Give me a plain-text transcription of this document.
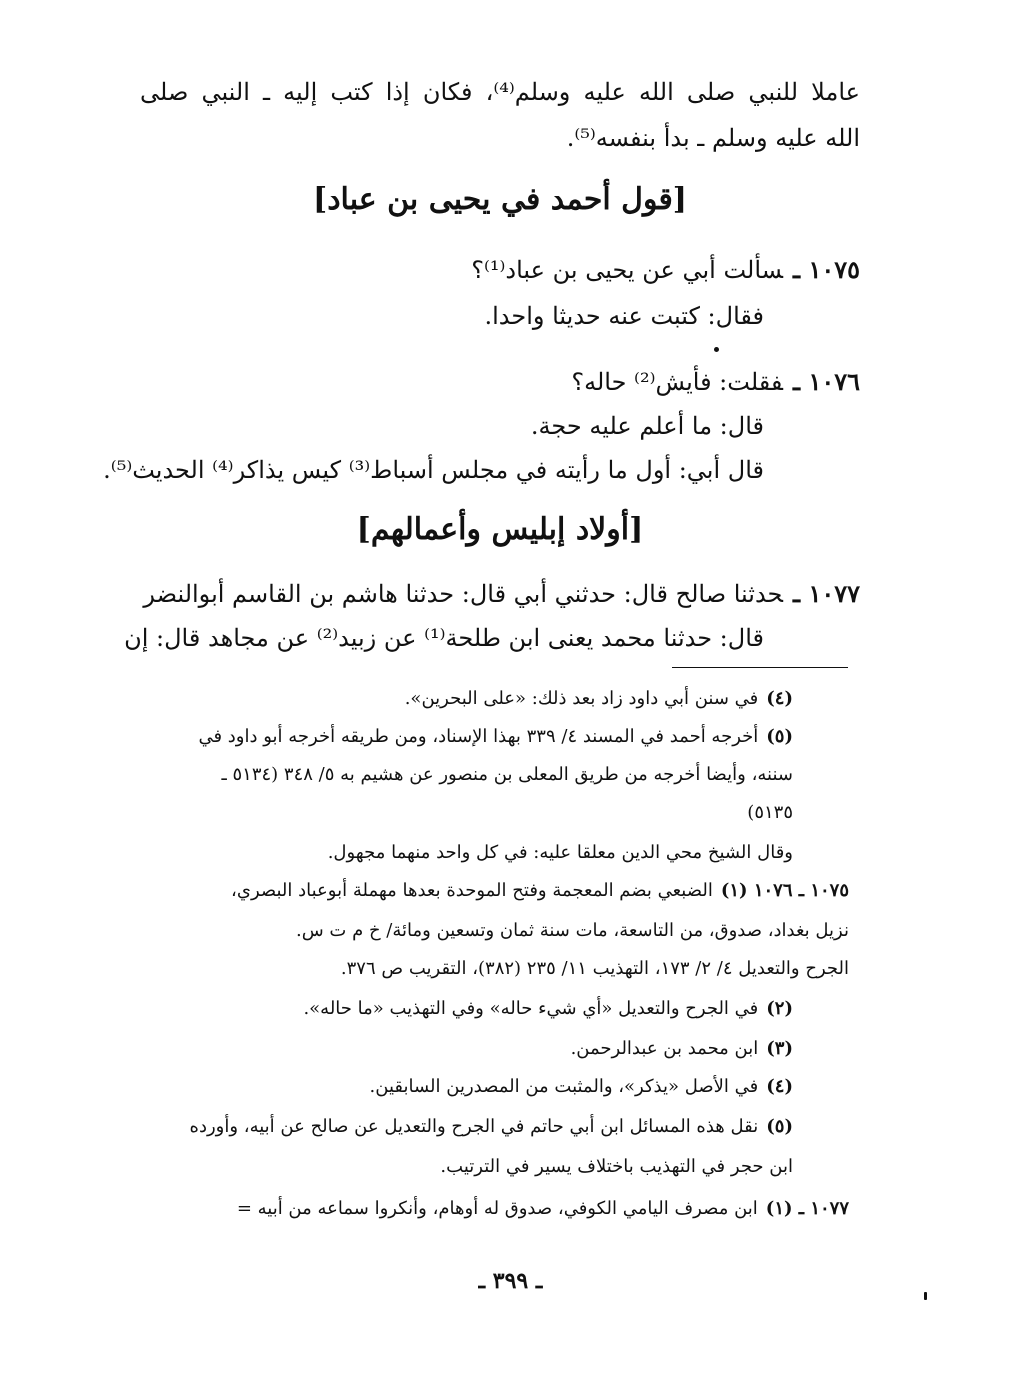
عاملا للنبي صلى الله عليه وسلم⁽⁴⁾، فكان إذا كتب إليه ـ النبي صلى
الله عليه وسلم ـ بدأ بنفسه⁽⁵⁾.
[قول أحمد في يحيى بن عباد]
١٠٧٥ ـسألت أبي عن يحيى بن عباد⁽¹⁾؟
فقال: كتبت عنه حديثا واحدا.
١٠٧٦ ـفقلت: فأيش⁽²⁾ حاله؟
قال: ما أعلم عليه حجة.
قال أبي: أول ما رأيته في مجلس أسباط⁽³⁾ كيس يذاكر⁽⁴⁾ الحديث⁽⁵⁾.
[أولاد إبليس وأعمالهم]
١٠٧٧ ـحدثنا صالح قال: حدثني أبي قال: حدثنا هاشم بن القاسم أبوالنضر
قال: حدثنا محمد يعنى ابن طلحة⁽¹⁾ عن زبيد⁽²⁾ عن مجاهد قال: إن
(٤)في سنن أبي داود زاد بعد ذلك: «على البحرين».
(٥)أخرجه أحمد في المسند ٤/ ٣٣٩ بهذا الإسناد، ومن طريقه أخرجه أبو داود في
سننه، وأيضا أخرجه من طريق المعلى بن منصور عن هشيم به ٥/ ٣٤٨ (٥١٣٤ ـ
٥١٣٥)
وقال الشيخ محي الدين معلقا عليه: في كل واحد منهما مجهول.
١٠٧٥ ـ ١٠٧٦ (١)الضبعي بضم المعجمة وفتح الموحدة بعدها مهملة أبوعباد البصري،
نزيل بغداد، صدوق، من التاسعة، مات سنة ثمان وتسعين ومائة/ خ م ت س.
الجرح والتعديل ٤/ ٢/ ١٧٣، التهذيب ١١/ ٢٣٥ (٣٨٢)، التقريب ص ٣٧٦.
(٢)في الجرح والتعديل «أي شيء حاله» وفي التهذيب «ما حاله».
(٣)ابن محمد بن عبدالرحمن.
(٤)في الأصل «يذكر»، والمثبت من المصدرين السابقين.
(٥)نقل هذه المسائل ابن أبي حاتم في الجرح والتعديل عن صالح عن أبيه، وأورده
ابن حجر في التهذيب باختلاف يسير في الترتيب.
١٠٧٧ ـ (١)ابن مصرف اليامي الكوفي، صدوق له أوهام، وأنكروا سماعه من أبيه =
ـ ٣٩٩ ـ
